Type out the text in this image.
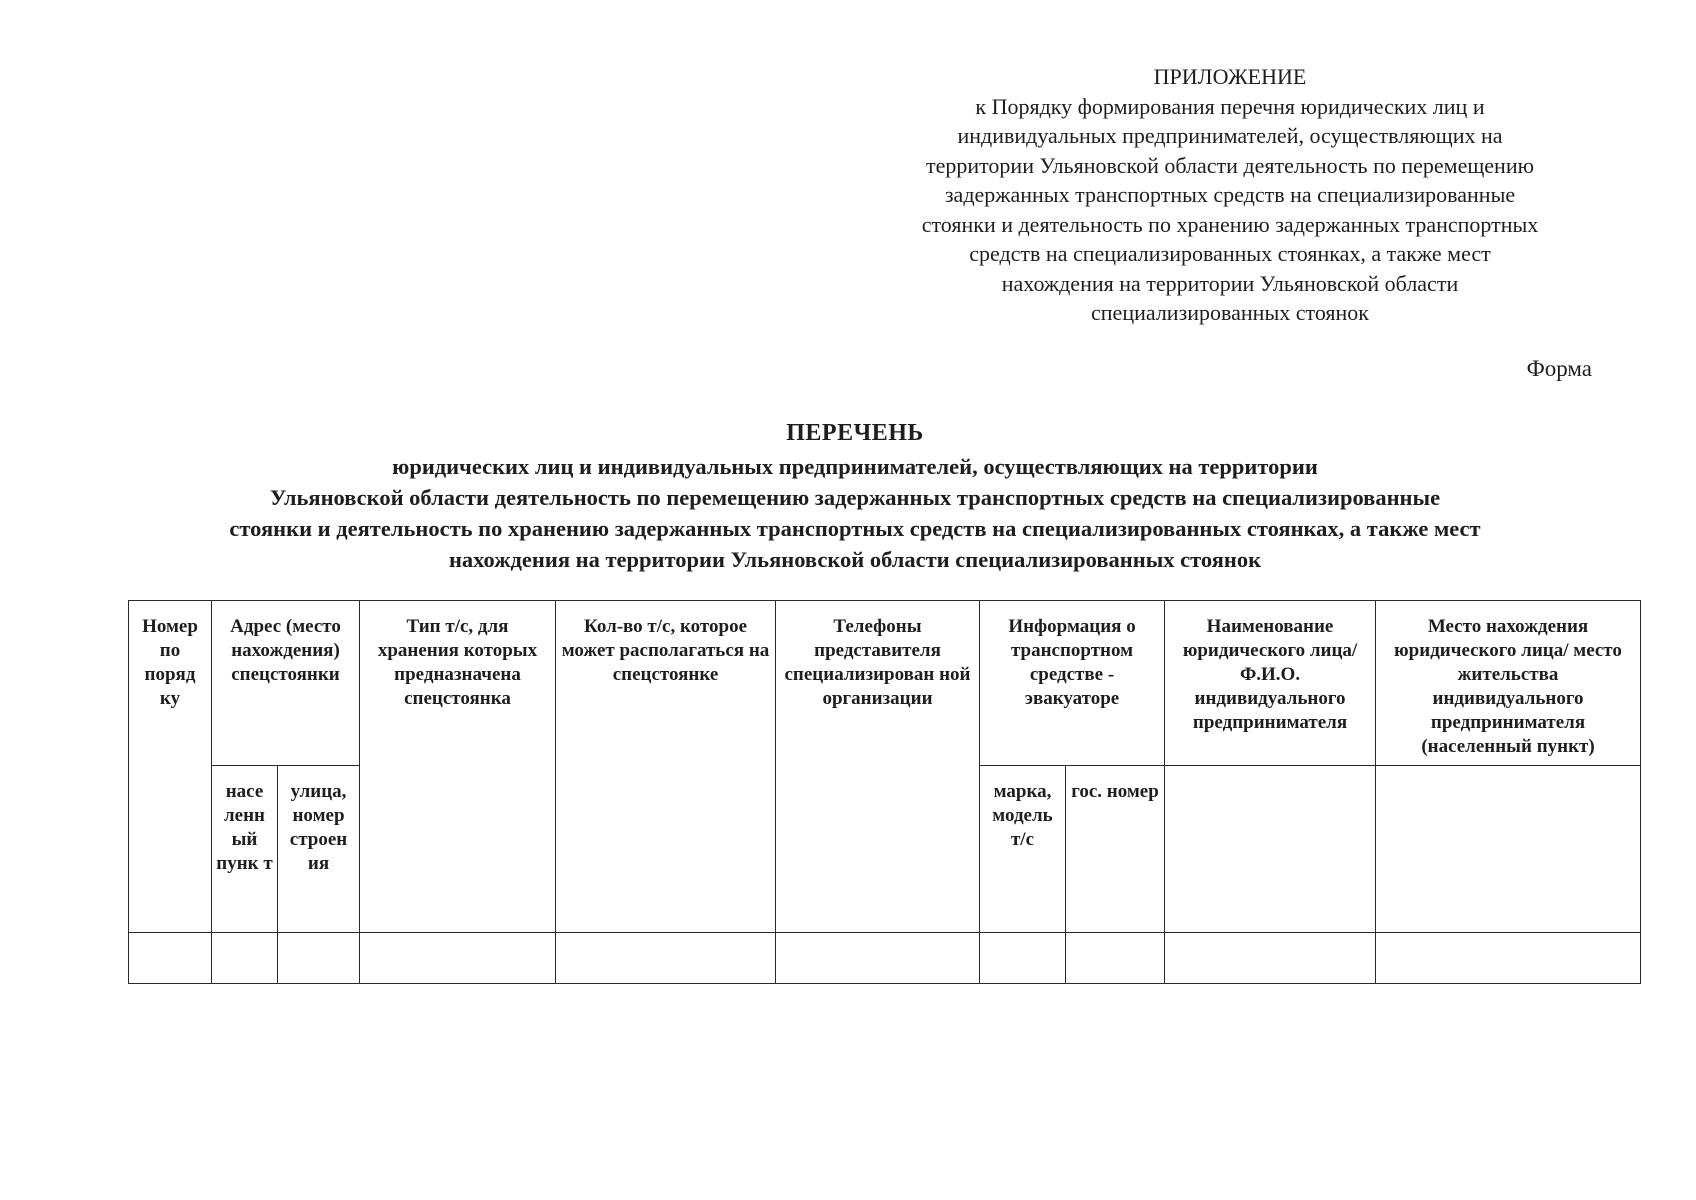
ПРИЛОЖЕНИЕ
к Порядку формирования перечня юридических лиц и
индивидуальных предпринимателей, осуществляющих на
территории Ульяновской области деятельность по перемещению
задержанных транспортных средств на специализированные
стоянки и деятельность по хранению задержанных транспортных
средств на специализированных стоянках, а также мест
нахождения на территории Ульяновской области
специализированных стоянок
Форма
ПЕРЕЧЕНЬ
юридических лиц и индивидуальных предпринимателей, осуществляющих на территории
Ульяновской области деятельность по перемещению задержанных транспортных средств на специализированные
стоянки и деятельность по хранению задержанных транспортных средств на специализированных стоянках, а также мест
нахождения на территории Ульяновской области специализированных стоянок
Номер по поряд ку	Адрес (место нахождения) спецстоянки		Тип т/с, для хранения которых предназначена спецстоянка	Кол-во т/с, которое может располагаться на спецстоянке	Телефоны представителя специализирован ной организации	Информация о транспортном средстве - эвакуаторе		Наименование юридического лица/ Ф.И.О. индивидуального предпринимателя	Место нахождения юридического лица/ место жительства индивидуального предпринимателя (населенный пункт)
	насе ленн ый пунк т	улица, номер строен ия				марка, модель т/с	гос. номер		
